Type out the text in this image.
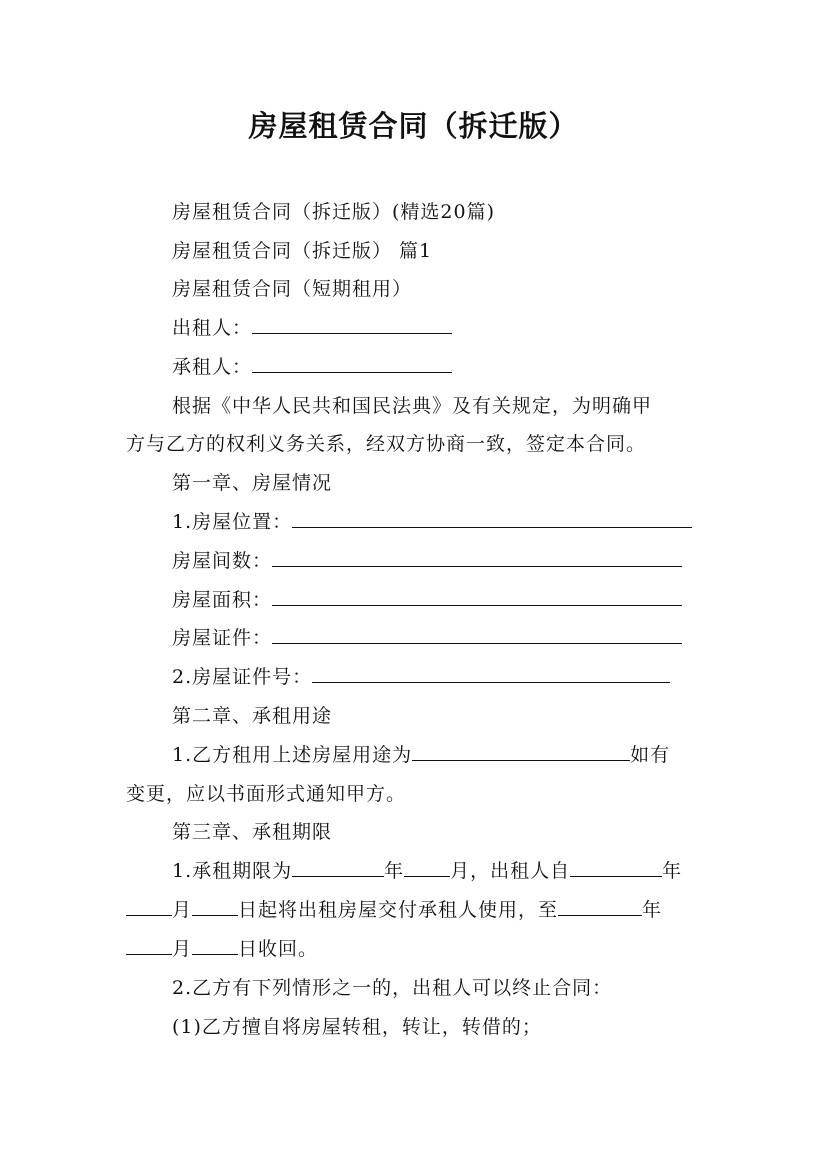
房屋租赁合同（拆迁版）
房屋租赁合同（拆迁版）(精选20篇)
房屋租赁合同（拆迁版） 篇1
房屋租赁合同（短期租用）
出租人：
承租人：
根据《中华人民共和国民法典》及有关规定，为明确甲
方与乙方的权利义务关系，经双方协商一致，签定本合同。
第一章、房屋情况
1.房屋位置：
房屋间数：
房屋面积：
房屋证件：
2.房屋证件号：
第二章、承租用途
1.乙方租用上述房屋用途为	如有
变更，应以书面形式通知甲方。
第三章、承租期限
1.承租期限为	年 月，出租人自	年
月 日起将出租房屋交付承租人使用，至	年
月 日收回。
2.乙方有下列情形之一的，出租人可以终止合同：
(1)乙方擅自将房屋转租，转让，转借的；
